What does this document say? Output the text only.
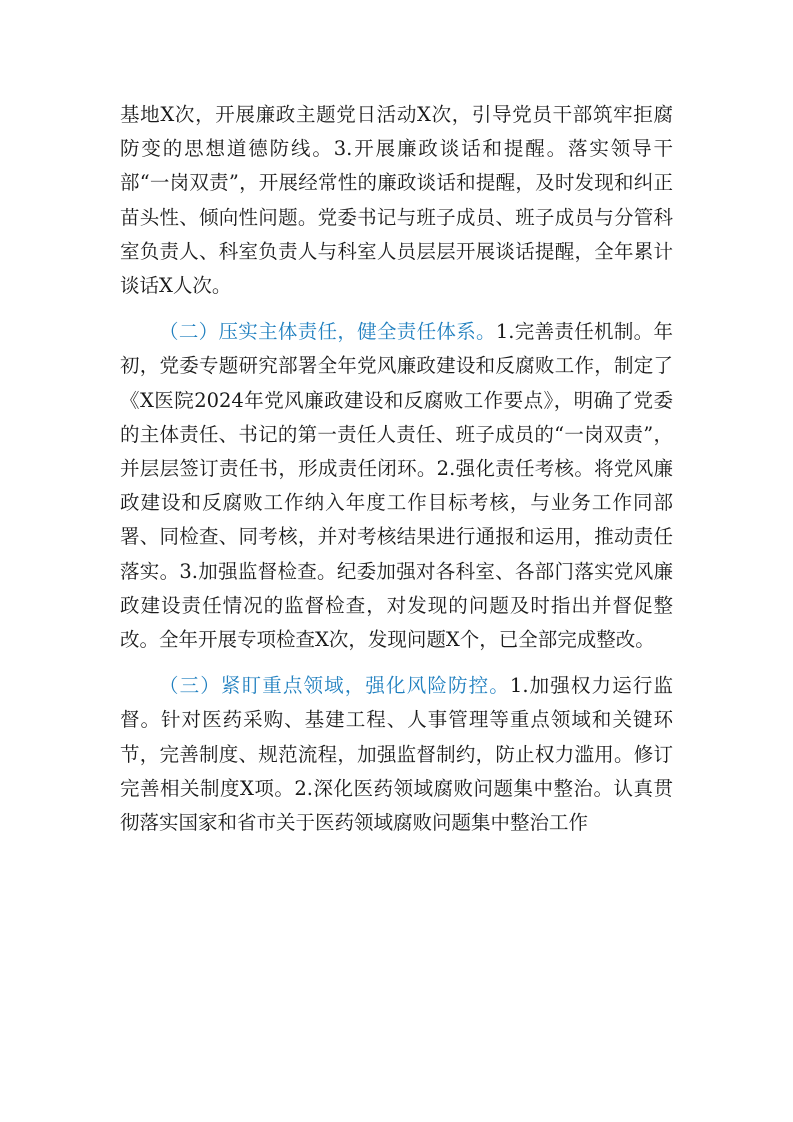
基地X次，开展廉政主题党日活动X次，引导党员干部筑牢拒腐防变的思想道德防线。3.开展廉政谈话和提醒。落实领导干部“一岗双责”，开展经常性的廉政谈话和提醒，及时发现和纠正苗头性、倾向性问题。党委书记与班子成员、班子成员与分管科室负责人、科室负责人与科室人员层层开展谈话提醒，全年累计谈话X人次。

（二）压实主体责任，健全责任体系。1.完善责任机制。年初，党委专题研究部署全年党风廉政建设和反腐败工作，制定了《X医院2024年党风廉政建设和反腐败工作要点》，明确了党委的主体责任、书记的第一责任人责任、班子成员的“一岗双责”，并层层签订责任书，形成责任闭环。2.强化责任考核。将党风廉政建设和反腐败工作纳入年度工作目标考核，与业务工作同部署、同检查、同考核，并对考核结果进行通报和运用，推动责任落实。3.加强监督检查。纪委加强对各科室、各部门落实党风廉政建设责任情况的监督检查，对发现的问题及时指出并督促整改。全年开展专项检查X次，发现问题X个，已全部完成整改。

（三）紧盯重点领域，强化风险防控。1.加强权力运行监督。针对医药采购、基建工程、人事管理等重点领域和关键环节，完善制度、规范流程，加强监督制约，防止权力滥用。修订完善相关制度X项。2.深化医药领域腐败问题集中整治。认真贯彻落实国家和省市关于医药领域腐败问题集中整治工作
